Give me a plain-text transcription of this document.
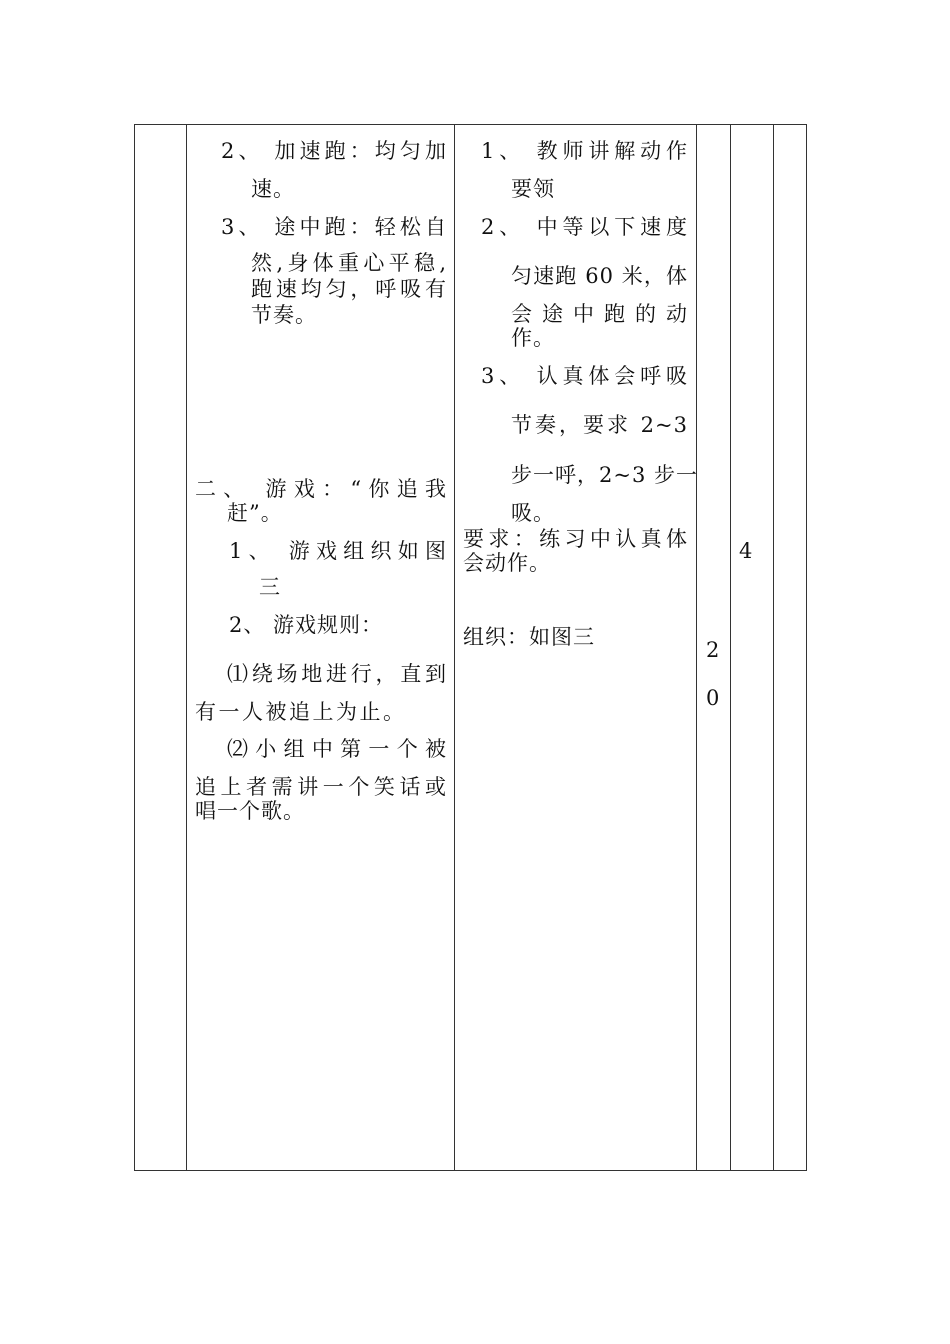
2、 加速跑：均匀加
速。
3、 途中跑：轻松自
然,身体重心平稳,
跑速均匀，呼吸有
节奏。
二、 游戏：“你追我
赶”。
1、 游戏组织如图
三
2、 游戏规则：
⑴绕场地进行，直到
有一人被追上为止。
⑵小组中第一个被
追上者需讲一个笑话或
唱一个歌。
1、 教师讲解动作
要领
2、 中等以下速度
匀速跑 60 米，体
会途中跑的动
作。
3、 认真体会呼吸
节奏，要求 2~3
步一呼，2~3 步一
吸。
要求：练习中认真体
会动作。
组织：如图三
2
0
4
